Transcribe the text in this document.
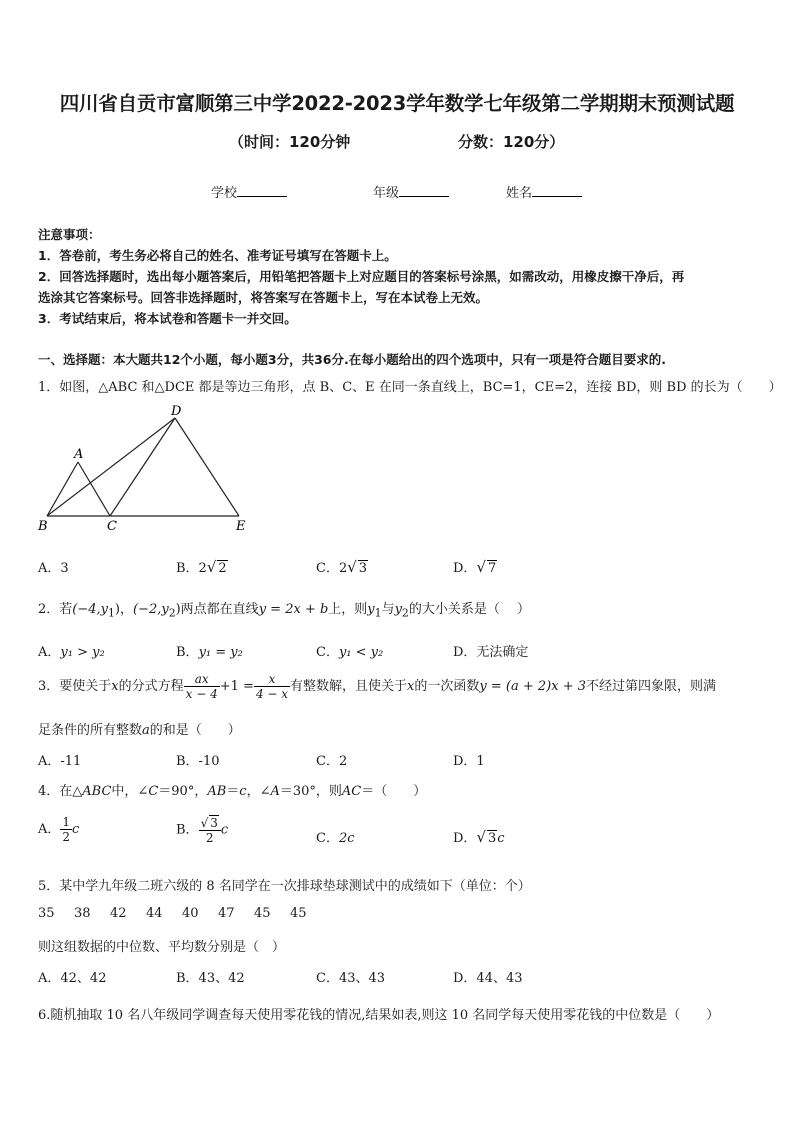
四川省自贡市富顺第三中学2022-2023学年数学七年级第二学期期末预测试题
（时间：120分钟	分数：120分）
学校	年级	姓名
注意事项：
1．答卷前，考生务必将自己的姓名、准考证号填写在答题卡上。
2．回答选择题时，选出每小题答案后，用铅笔把答题卡上对应题目的答案标号涂黑，如需改动，用橡皮擦干净后，再
选涂其它答案标号。回答非选择题时，将答案写在答题卡上，写在本试卷上无效。
3．考试结束后，将本试卷和答题卡一并交回。
一、选择题：本大题共12个小题，每小题3分，共36分.在每小题给出的四个选项中，只有一项是符合题目要求的.
1．如图，△ABC 和△DCE 都是等边三角形，点 B、C、E 在同一条直线上，BC=1，CE=2，连接 BD，则 BD 的长为（　　）
A
B	C
D
E
A．3	B．2√ 2	C．2√ 3	D．√ 7
2．若$(-4,y_1)$，$(-2,y_2)$两点都在直线y = 2x + b上，则$y_1$与$y_2$的大小关系是（　 ）
A．y₁ > y₂	B．y₁ = y₂	C．y₁ < y₂	D．无法确定
3．要使关于x的分式方程 $\frac{ax}{x - 4} +1 = \frac{x}{4 - x}$ 有整数解，且使关于x的一次函数y = (a + 2)x + 3不经过第四象限，则满
足条件的所有整数a的和是（　　）
A．-11	B．-10	C．2	D．1
4．在△ABC中，∠C＝90°，AB＝c，∠A＝30°，则AC＝（　　）
A． $\frac{1}{2}$ c	B． $\frac{√ 3}{2}$ c
C．2c	D．√ 3c
5．某中学九年级二班六级的 8 名同学在一次排球垫球测试中的成绩如下（单位：个）
35 38 42 44 40 47 45 45
则这组数据的中位数、平均数分别是（　）
A．42、42	B．43、42	C．43、43	D．44、43
6.随机抽取 10 名八年级同学调查每天使用零花钱的情况,结果如表,则这 10 名同学每天使用零花钱的中位数是（　　）
